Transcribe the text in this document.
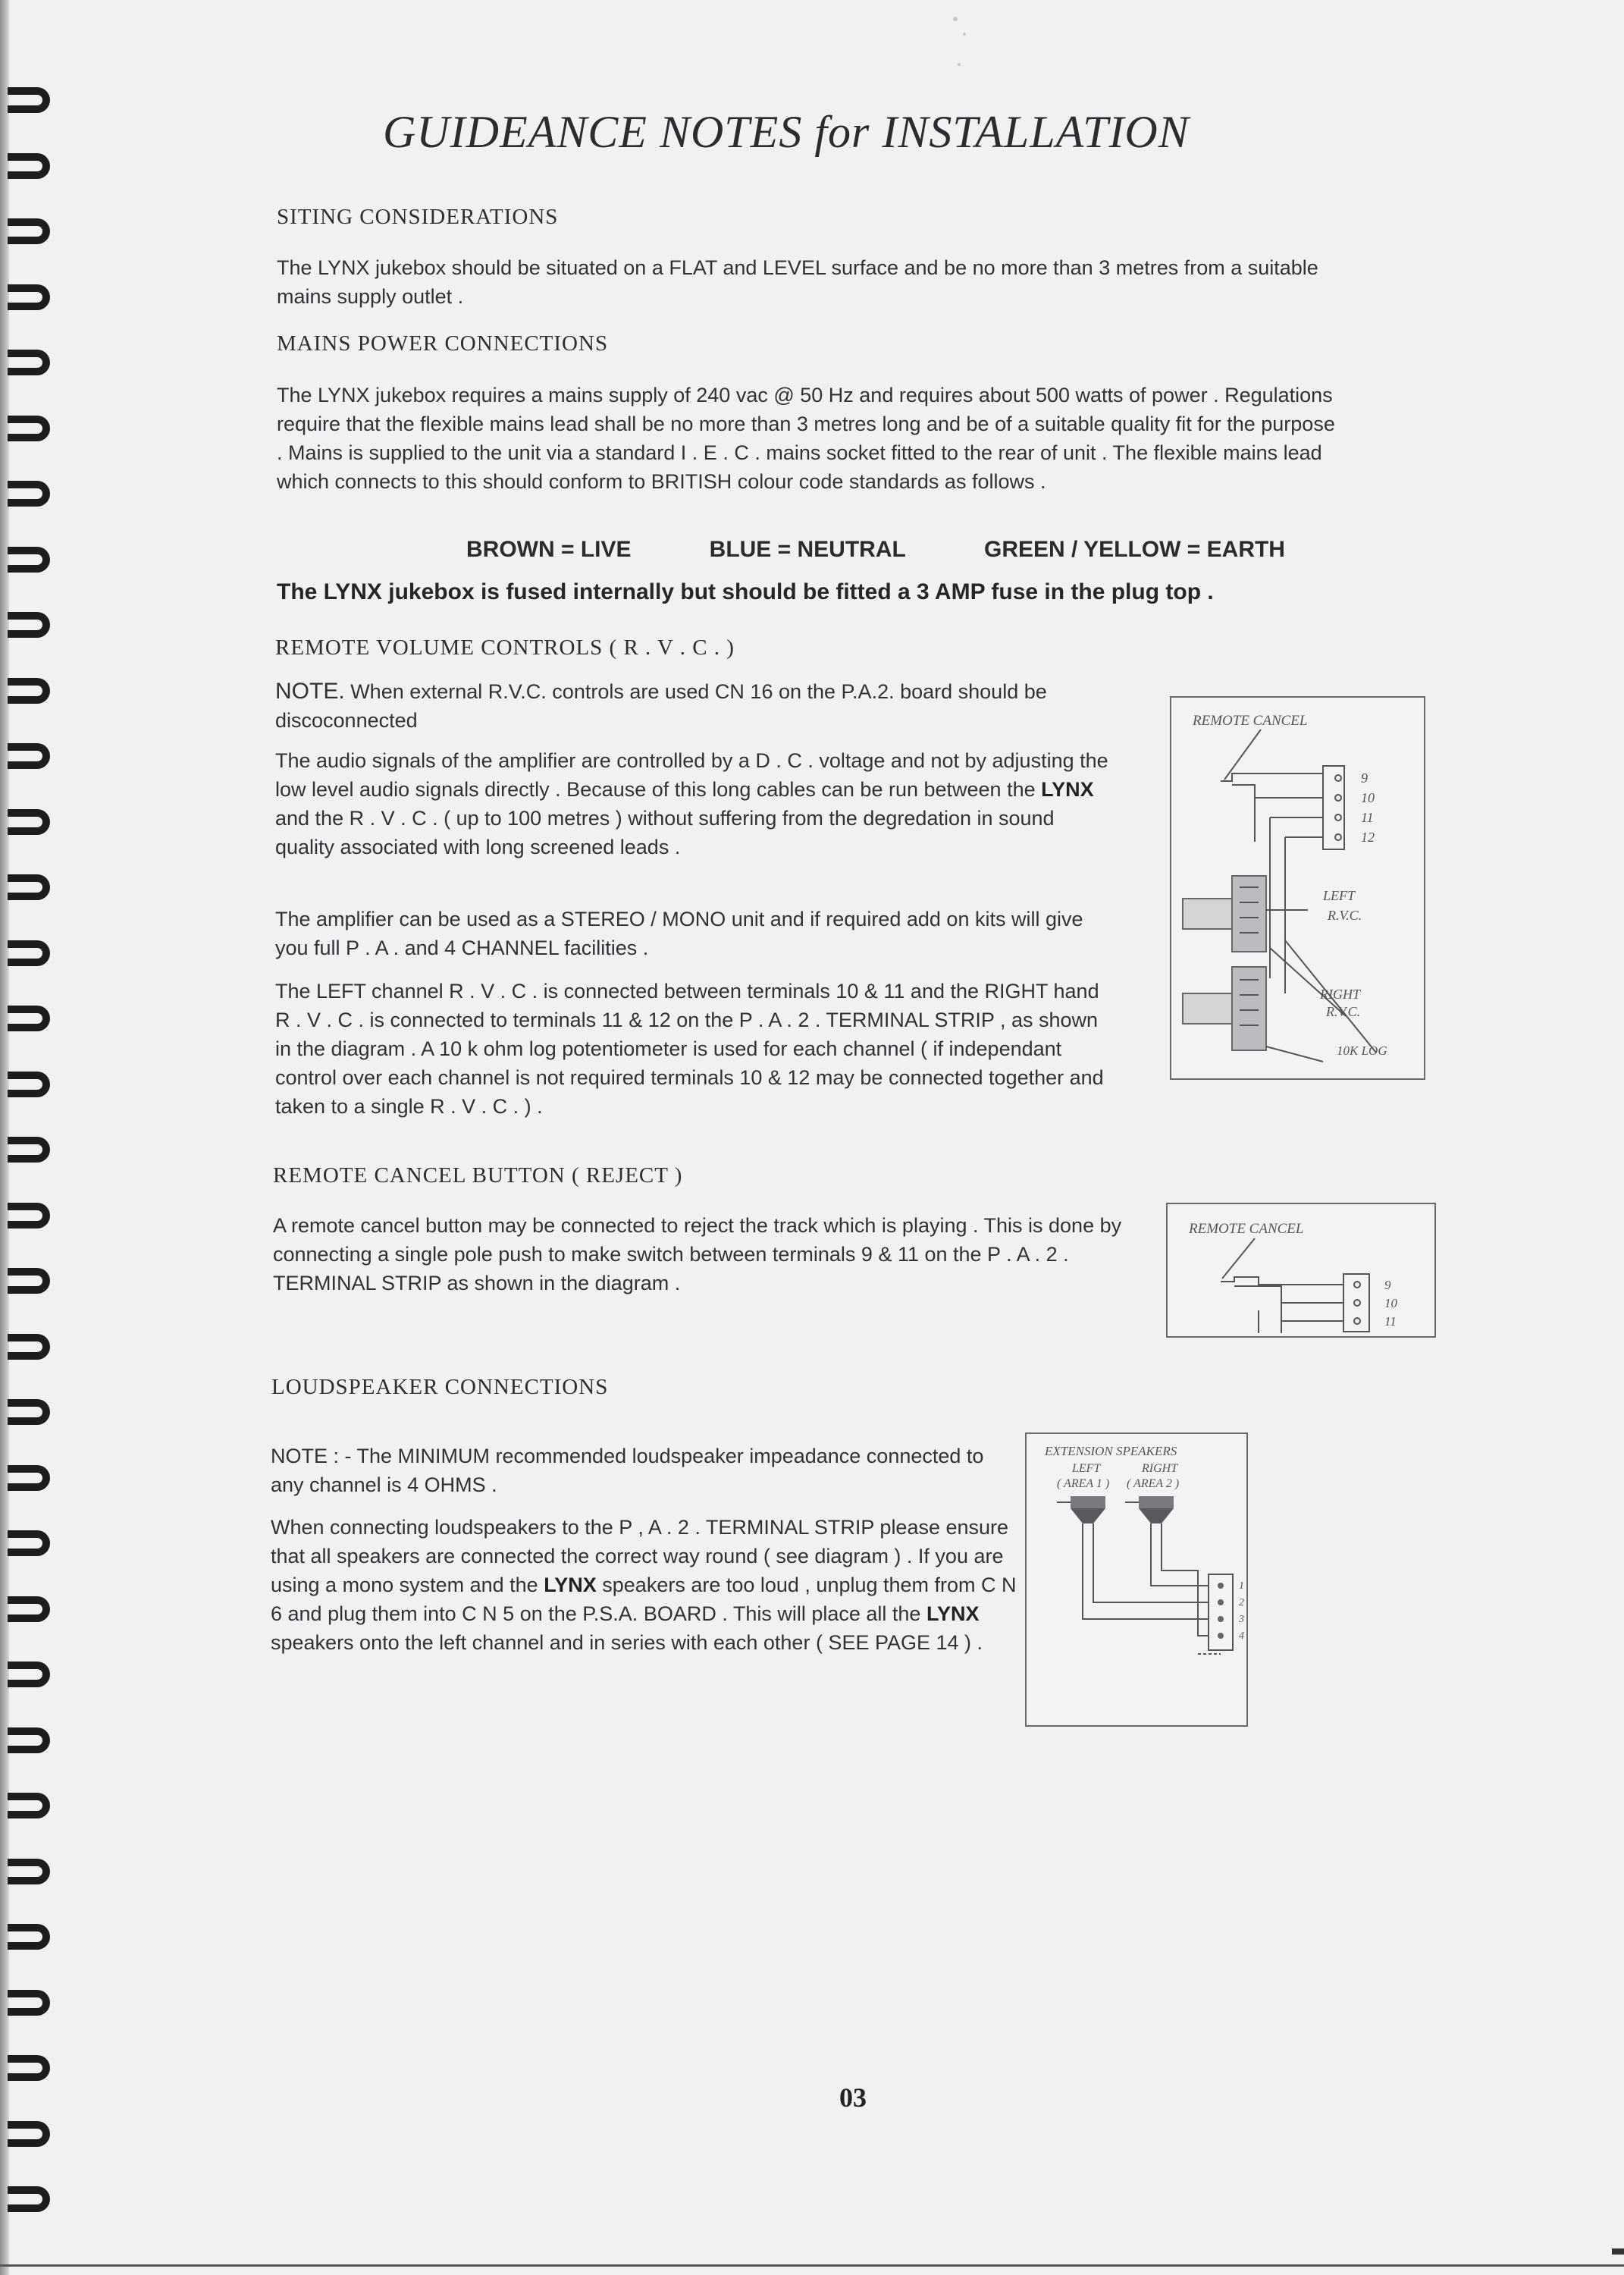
GUIDEANCE NOTES for INSTALLATION
SITING CONSIDERATIONS

The LYNX jukebox should be situated on a FLAT and LEVEL surface and be no more than 3 metres from a suitable mains supply outlet .

MAINS POWER CONNECTIONS

The LYNX jukebox requires a mains supply of 240 vac @ 50 Hz and requires about 500 watts of power . Regulations require that the flexible mains lead shall be no more than 3 metres long and be of a suitable quality fit for the purpose . Mains is supplied to the unit via a standard I . E . C . mains socket fitted to the rear of unit . The flexible mains lead which connects to this should conform to BRITISH colour code standards as follows .

BROWN = LIVE	BLUE = NEUTRAL	GREEN / YELLOW = EARTH
The LYNX jukebox is fused internally but should be fitted a 3 AMP fuse in the plug top .
REMOTE VOLUME CONTROLS ( R . V . C . )

NOTE. When external R.V.C. controls are used CN 16 on the P.A.2. board should be discoconnected

The audio signals of the amplifier are controlled by a D . C . voltage and not by adjusting the low level audio signals directly . Because of this long cables can be run between the LYNX and the R . V . C . ( up to 100 metres ) without suffering from the degredation in sound quality associated with long screened leads .

The amplifier can be used as a STEREO / MONO unit and if required add on kits will give you full P . A . and 4 CHANNEL facilities .

The LEFT channel R . V . C . is connected between terminals 10 & 11 and the RIGHT hand R . V . C . is connected to terminals 11 & 12 on the P . A . 2 . TERMINAL STRIP , as shown in the diagram . A 10 k ohm log potentiometer is used for each channel ( if independant control over each channel is not required terminals 10 & 12 may be connected together and taken to a single R . V . C . ) .

REMOTE CANCEL
9
10
11
12
LEFT
R.V.C.
RIGHT
R.V.C.
10K LOG
REMOTE CANCEL BUTTON ( REJECT )

A remote cancel button may be connected to reject the track which is playing . This is done by connecting a single pole push to make switch between terminals 9 & 11 on the P . A . 2 . TERMINAL STRIP as shown in the diagram .

REMOTE CANCEL
9
10
11
LOUDSPEAKER CONNECTIONS

NOTE : - The MINIMUM recommended loudspeaker impeadance connected to any channel is 4 OHMS .

When connecting loudspeakers to the P , A . 2 . TERMINAL STRIP please ensure that all speakers are connected the correct way round ( see diagram ) . If you are using a mono system and the LYNX speakers are too loud , unplug them from C N 6 and plug them into C N 5 on the P.S.A. BOARD . This will place all the LYNX speakers onto the left channel and in series with each other ( SEE PAGE 14 ) .

EXTENSION SPEAKERS
LEFT	RIGHT
( AREA 1 ) ( AREA 2 )
1
2
3
4
03
